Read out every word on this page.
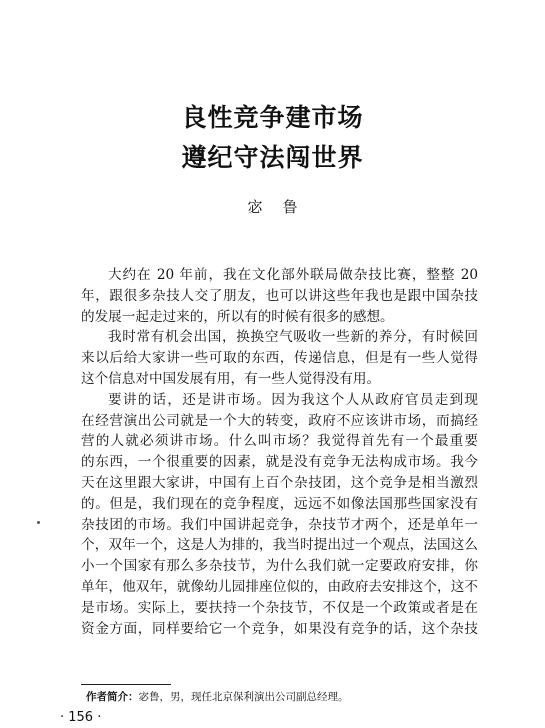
良性竞争建市场
遵纪守法闯世界
宓鲁
大约在 20 年前，我在文化部外联局做杂技比赛，整整 20
年，跟很多杂技人交了朋友，也可以讲这些年我也是跟中国杂技
的发展一起走过来的，所以有的时候有很多的感想。
我时常有机会出国，换换空气吸收一些新的养分，有时候回
来以后给大家讲一些可取的东西，传递信息，但是有一些人觉得
这个信息对中国发展有用，有一些人觉得没有用。
要讲的话，还是讲市场。因为我这个人从政府官员走到现
在经营演出公司就是一个大的转变，政府不应该讲市场，而搞经
营的人就必须讲市场。什么叫市场？我觉得首先有一个最重要
的东西，一个很重要的因素，就是没有竞争无法构成市场。我今
天在这里跟大家讲，中国有上百个杂技团，这个竞争是相当激烈
的。但是，我们现在的竞争程度，远远不如像法国那些国家没有
杂技团的市场。我们中国讲起竞争，杂技节才两个，还是单年一
个，双年一个，这是人为排的，我当时提出过一个观点，法国这么
小一个国家有那么多杂技节，为什么我们就一定要政府安排，你
单年，他双年，就像幼儿园排座位似的，由政府去安排这个，这不
是市场。实际上，要扶持一个杂技节，不仅是一个政策或者是在
资金方面，同样要给它一个竞争，如果没有竞争的话，这个杂技
作者简介：宓鲁，男，现任北京保利演出公司副总经理。
· 156 ·
